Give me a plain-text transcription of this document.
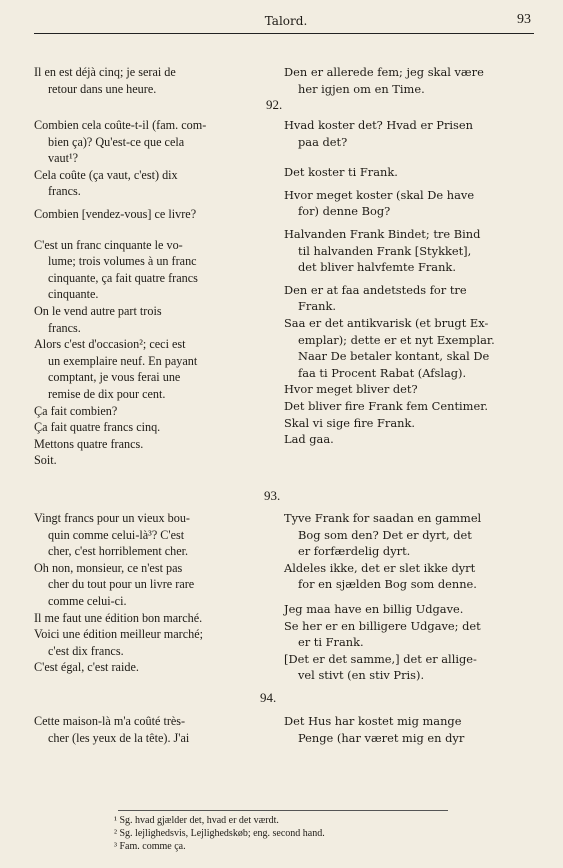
Talord.	93
Il en est déjà cinq; je serai de
retour dans une heure.
Den er allerede fem; jeg skal være
her igjen om en Time.
92.
Combien cela coûte-t-il (fam. com-
bien ça)? Qu'est-ce que cela
vaut¹?
Cela coûte (ça vaut, c'est) dix
francs.
Combien [vendez-vous] ce livre?
C'est un franc cinquante le vo-
lume; trois volumes à un franc
cinquante, ça fait quatre francs
cinquante.
On le vend autre part trois
francs.
Alors c'est d'occasion²; ceci est
un exemplaire neuf. En payant
comptant, je vous ferai une
remise de dix pour cent.
Ça fait combien?
Ça fait quatre francs cinq.
Mettons quatre francs.
Soit.
Hvad koster det? Hvad er Prisen
paa det?
Det koster ti Frank.
Hvor meget koster (skal De have
for) denne Bog?
Halvanden Frank Bindet; tre Bind
til halvanden Frank [Stykket],
det bliver halvfemte Frank.
Den er at faa andetsteds for tre
Frank.
Saa er det antikvarisk (et brugt Ex-
emplar); dette er et nyt Exemplar.
Naar De betaler kontant, skal De
faa ti Procent Rabat (Afslag).
Hvor meget bliver det?
Det bliver fire Frank fem Centimer.
Skal vi sige fire Frank.
Lad gaa.
93.
Vingt francs pour un vieux bou-
quin comme celui-là³? C'est
cher, c'est horriblement cher.
Oh non, monsieur, ce n'est pas
cher du tout pour un livre rare
comme celui-ci.
Il me faut une édition bon marché.
Voici une édition meilleur marché;
c'est dix francs.
C'est égal, c'est raide.
Tyve Frank for saadan en gammel
Bog som den? Det er dyrt, det
er forfærdelig dyrt.
Aldeles ikke, det er slet ikke dyrt
for en sjælden Bog som denne.
Jeg maa have en billig Udgave.
Se her er en billigere Udgave; det
er ti Frank.
[Det er det samme,] det er allige-
vel stivt (en stiv Pris).
94.
Cette maison-là m'a coûté très-
cher (les yeux de la tête). J'ai
Det Hus har kostet mig mange
Penge (har været mig en dyr
¹ Sg. hvad gjælder det, hvad er det værdt.
² Sg. lejlighedsvis, Lejlighedskøb; eng. second hand.
³ Fam. comme ça.
